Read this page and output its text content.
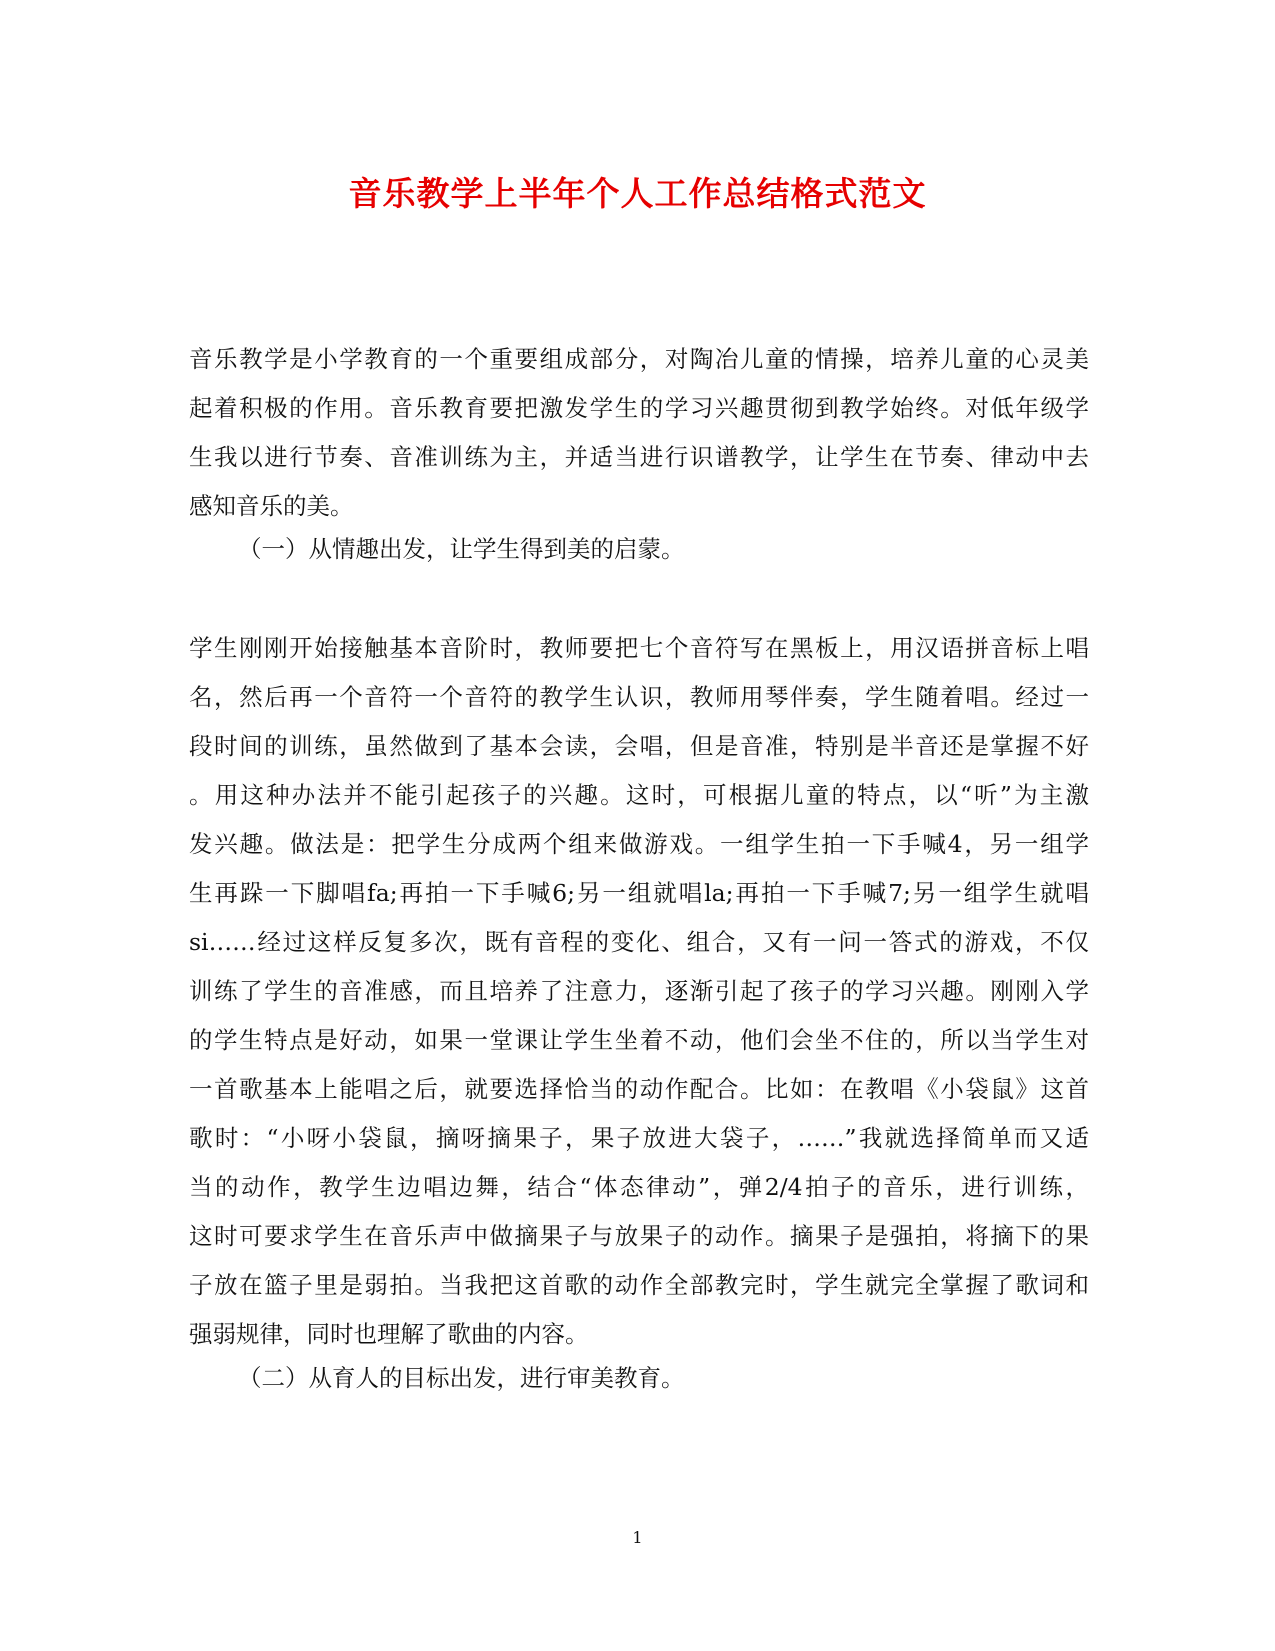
音乐教学上半年个人工作总结格式范文
音乐教学是小学教育的一个重要组成部分，对陶冶儿童的情操，培养儿童的心灵美
起着积极的作用。音乐教育要把激发学生的学习兴趣贯彻到教学始终。对低年级学
生我以进行节奏、音准训练为主，并适当进行识谱教学，让学生在节奏、律动中去
感知音乐的美。

（一）从情趣出发，让学生得到美的启蒙。

学生刚刚开始接触基本音阶时，教师要把七个音符写在黑板上，用汉语拼音标上唱
名，然后再一个音符一个音符的教学生认识，教师用琴伴奏，学生随着唱。经过一
段时间的训练，虽然做到了基本会读，会唱，但是音准，特别是半音还是掌握不好
。用这种办法并不能引起孩子的兴趣。这时，可根据儿童的特点，以“听”为主激
发兴趣。做法是：把学生分成两个组来做游戏。一组学生拍一下手喊4，另一组学
生再跺一下脚唱fa;再拍一下手喊6;另一组就唱la;再拍一下手喊7;另一组学生就唱
si……经过这样反复多次，既有音程的变化、组合，又有一问一答式的游戏，不仅
训练了学生的音准感，而且培养了注意力，逐渐引起了孩子的学习兴趣。刚刚入学
的学生特点是好动，如果一堂课让学生坐着不动，他们会坐不住的，所以当学生对
一首歌基本上能唱之后，就要选择恰当的动作配合。比如：在教唱《小袋鼠》这首
歌时：“小呀小袋鼠，摘呀摘果子，果子放进大袋子，……”我就选择简单而又适
当的动作，教学生边唱边舞，结合“体态律动”，弹2/4拍子的音乐，进行训练，
这时可要求学生在音乐声中做摘果子与放果子的动作。摘果子是强拍，将摘下的果
子放在篮子里是弱拍。当我把这首歌的动作全部教完时，学生就完全掌握了歌词和
强弱规律，同时也理解了歌曲的内容。

（二）从育人的目标出发，进行审美教育。

1
